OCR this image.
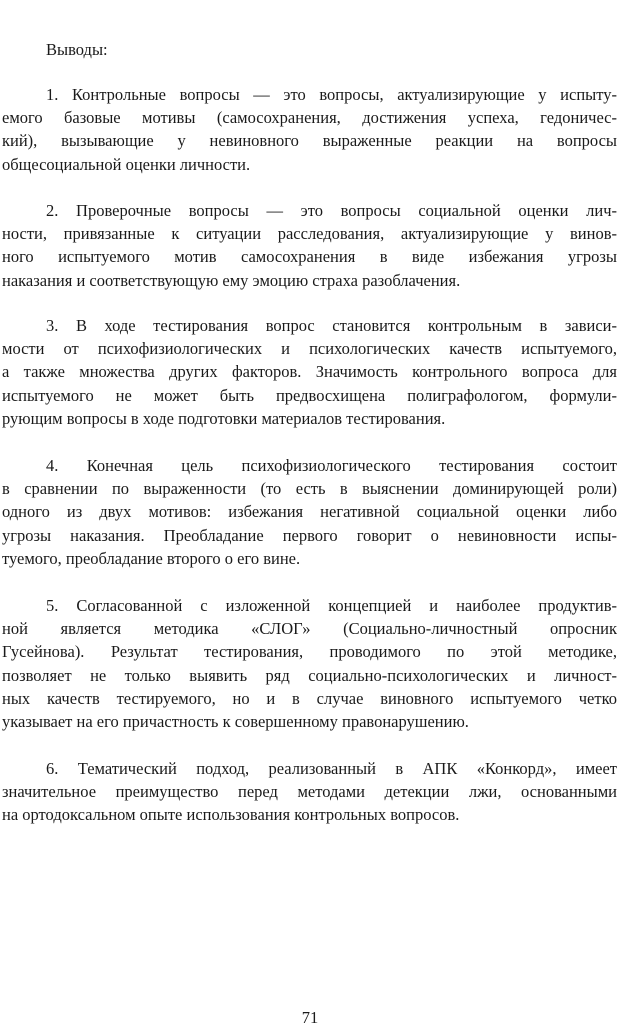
Выводы:

1. Контрольные вопросы — это вопросы, актуализирующие у испыту-
емого базовые мотивы (самосохранения, достижения успеха, гедоничес-
кий), вызывающие у невиновного выраженные реакции на вопросы
общесоциальной оценки личности.

2. Проверочные вопросы — это вопросы социальной оценки лич-
ности, привязанные к ситуации расследования, актуализирующие у винов-
ного испытуемого мотив самосохранения в виде избежания угрозы
наказания и соответствующую ему эмоцию страха разоблачения.

3. В ходе тестирования вопрос становится контрольным в зависи-
мости от психофизиологических и психологических качеств испытуемого,
а также множества других факторов. Значимость контрольного вопроса для
испытуемого не может быть предвосхищена полиграфологом, формули-
рующим вопросы в ходе подготовки материалов тестирования.

4. Конечная цель психофизиологического тестирования состоит
в сравнении по выраженности (то есть в выяснении доминирующей роли)
одного из двух мотивов: избежания негативной социальной оценки либо
угрозы наказания. Преобладание первого говорит о невиновности испы-
туемого, преобладание второго о его вине.

5. Согласованной с изложенной концепцией и наиболее продуктив-
ной является методика «СЛОГ» (Социально-личностный опросник
Гусейнова). Результат тестирования, проводимого по этой методике,
позволяет не только выявить ряд социально-психологических и личност-
ных качеств тестируемого, но и в случае виновного испытуемого четко
указывает на его причастность к совершенному правонарушению.

6. Тематический подход, реализованный в АПК «Конкорд», имеет
значительное преимущество перед методами детекции лжи, основанными
на ортодоксальном опыте использования контрольных вопросов.

71
